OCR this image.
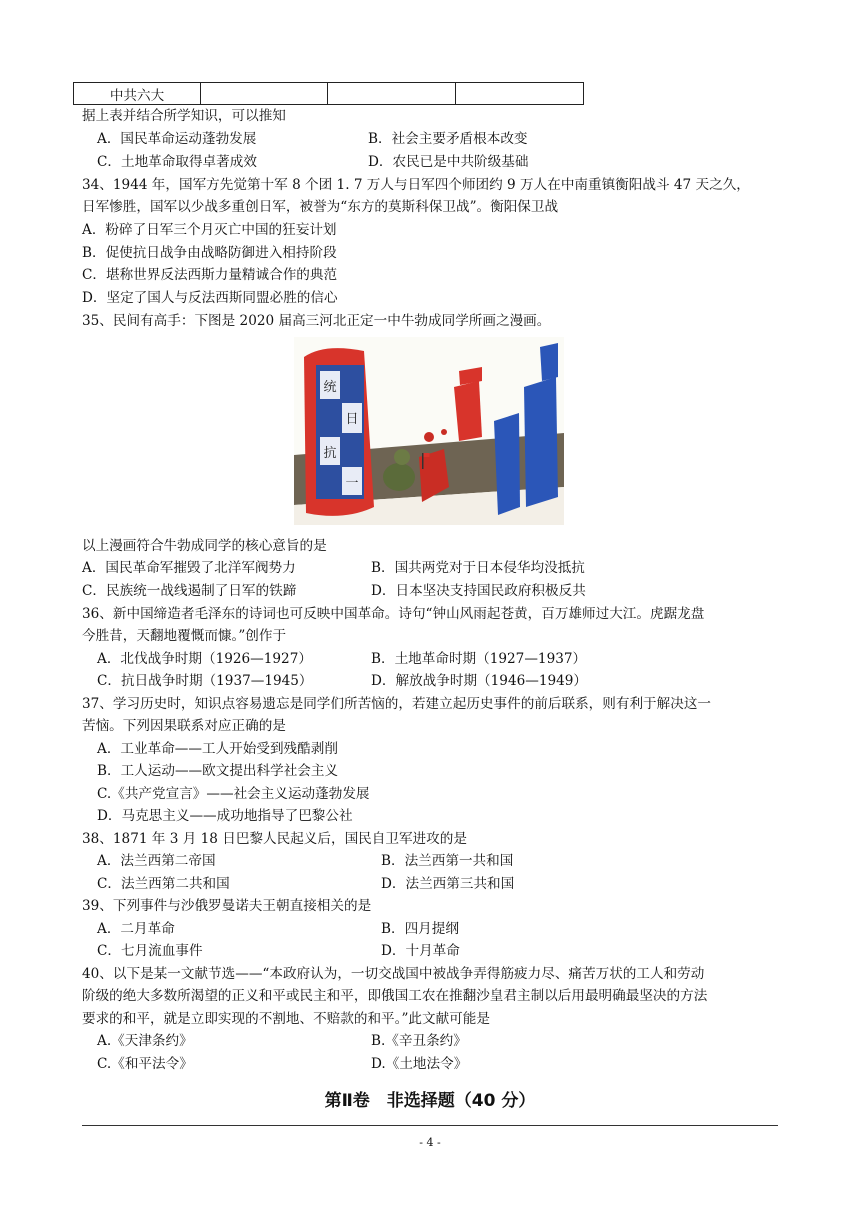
中共六大			
据上表并结合所学知识，可以推知
A．国民革命运动蓬勃发展	B．社会主要矛盾根本改变
C．土地革命取得卓著成效	D．农民已是中共阶级基础
34、1944 年，国军方先觉第十军 8 个团 1. 7 万人与日军四个师团约 9 万人在中南重镇衡阳战斗 47 天之久，
日军惨胜，国军以少战多重创日军，被誉为“东方的莫斯科保卫战”。衡阳保卫战
A．粉碎了日军三个月灭亡中国的狂妄计划
B．促使抗日战争由战略防御进入相持阶段
C．堪称世界反法西斯力量精诚合作的典范
D．坚定了国人与反法西斯同盟必胜的信心
35、民间有高手：下图是 2020 届高三河北正定一中牛勃成同学所画之漫画。
统
日
抗
一
以上漫画符合牛勃成同学的核心意旨的是
A．国民革命军摧毁了北洋军阀势力	B．国共两党对于日本侵华均没抵抗
C．民族统一战线遏制了日军的铁蹄	D．日本坚决支持国民政府积极反共
36、新中国缔造者毛泽东的诗词也可反映中国革命。诗句“钟山风雨起苍黄，百万雄师过大江。虎踞龙盘
今胜昔，天翻地覆慨而慷。”创作于
A．北伐战争时期（1926—1927）	B．土地革命时期（1927—1937）
C．抗日战争时期（1937—1945）	D．解放战争时期（1946—1949）
37、学习历史时，知识点容易遗忘是同学们所苦恼的，若建立起历史事件的前后联系，则有利于解决这一
苦恼。下列因果联系对应正确的是
A．工业革命——工人开始受到残酷剥削
B．工人运动——欧文提出科学社会主义
C.《共产党宣言》——社会主义运动蓬勃发展
D．马克思主义——成功地指导了巴黎公社
38、1871 年 3 月 18 日巴黎人民起义后，国民自卫军进攻的是
A．法兰西第二帝国	B．法兰西第一共和国
C．法兰西第二共和国	D．法兰西第三共和国
39、下列事件与沙俄罗曼诺夫王朝直接相关的是
A．二月革命	B．四月提纲
C．七月流血事件	D．十月革命
40、以下是某一文献节选——“本政府认为，一切交战国中被战争弄得筋疲力尽、痛苦万状的工人和劳动
阶级的绝大多数所渴望的正义和平或民主和平，即俄国工农在推翻沙皇君主制以后用最明确最坚决的方法
要求的和平，就是立即实现的不割地、不赔款的和平。”此文献可能是
A.《天津条约》	B.《辛丑条约》
C.《和平法令》	D.《土地法令》
第Ⅱ卷　非选择题（40 分）
- 4 -
